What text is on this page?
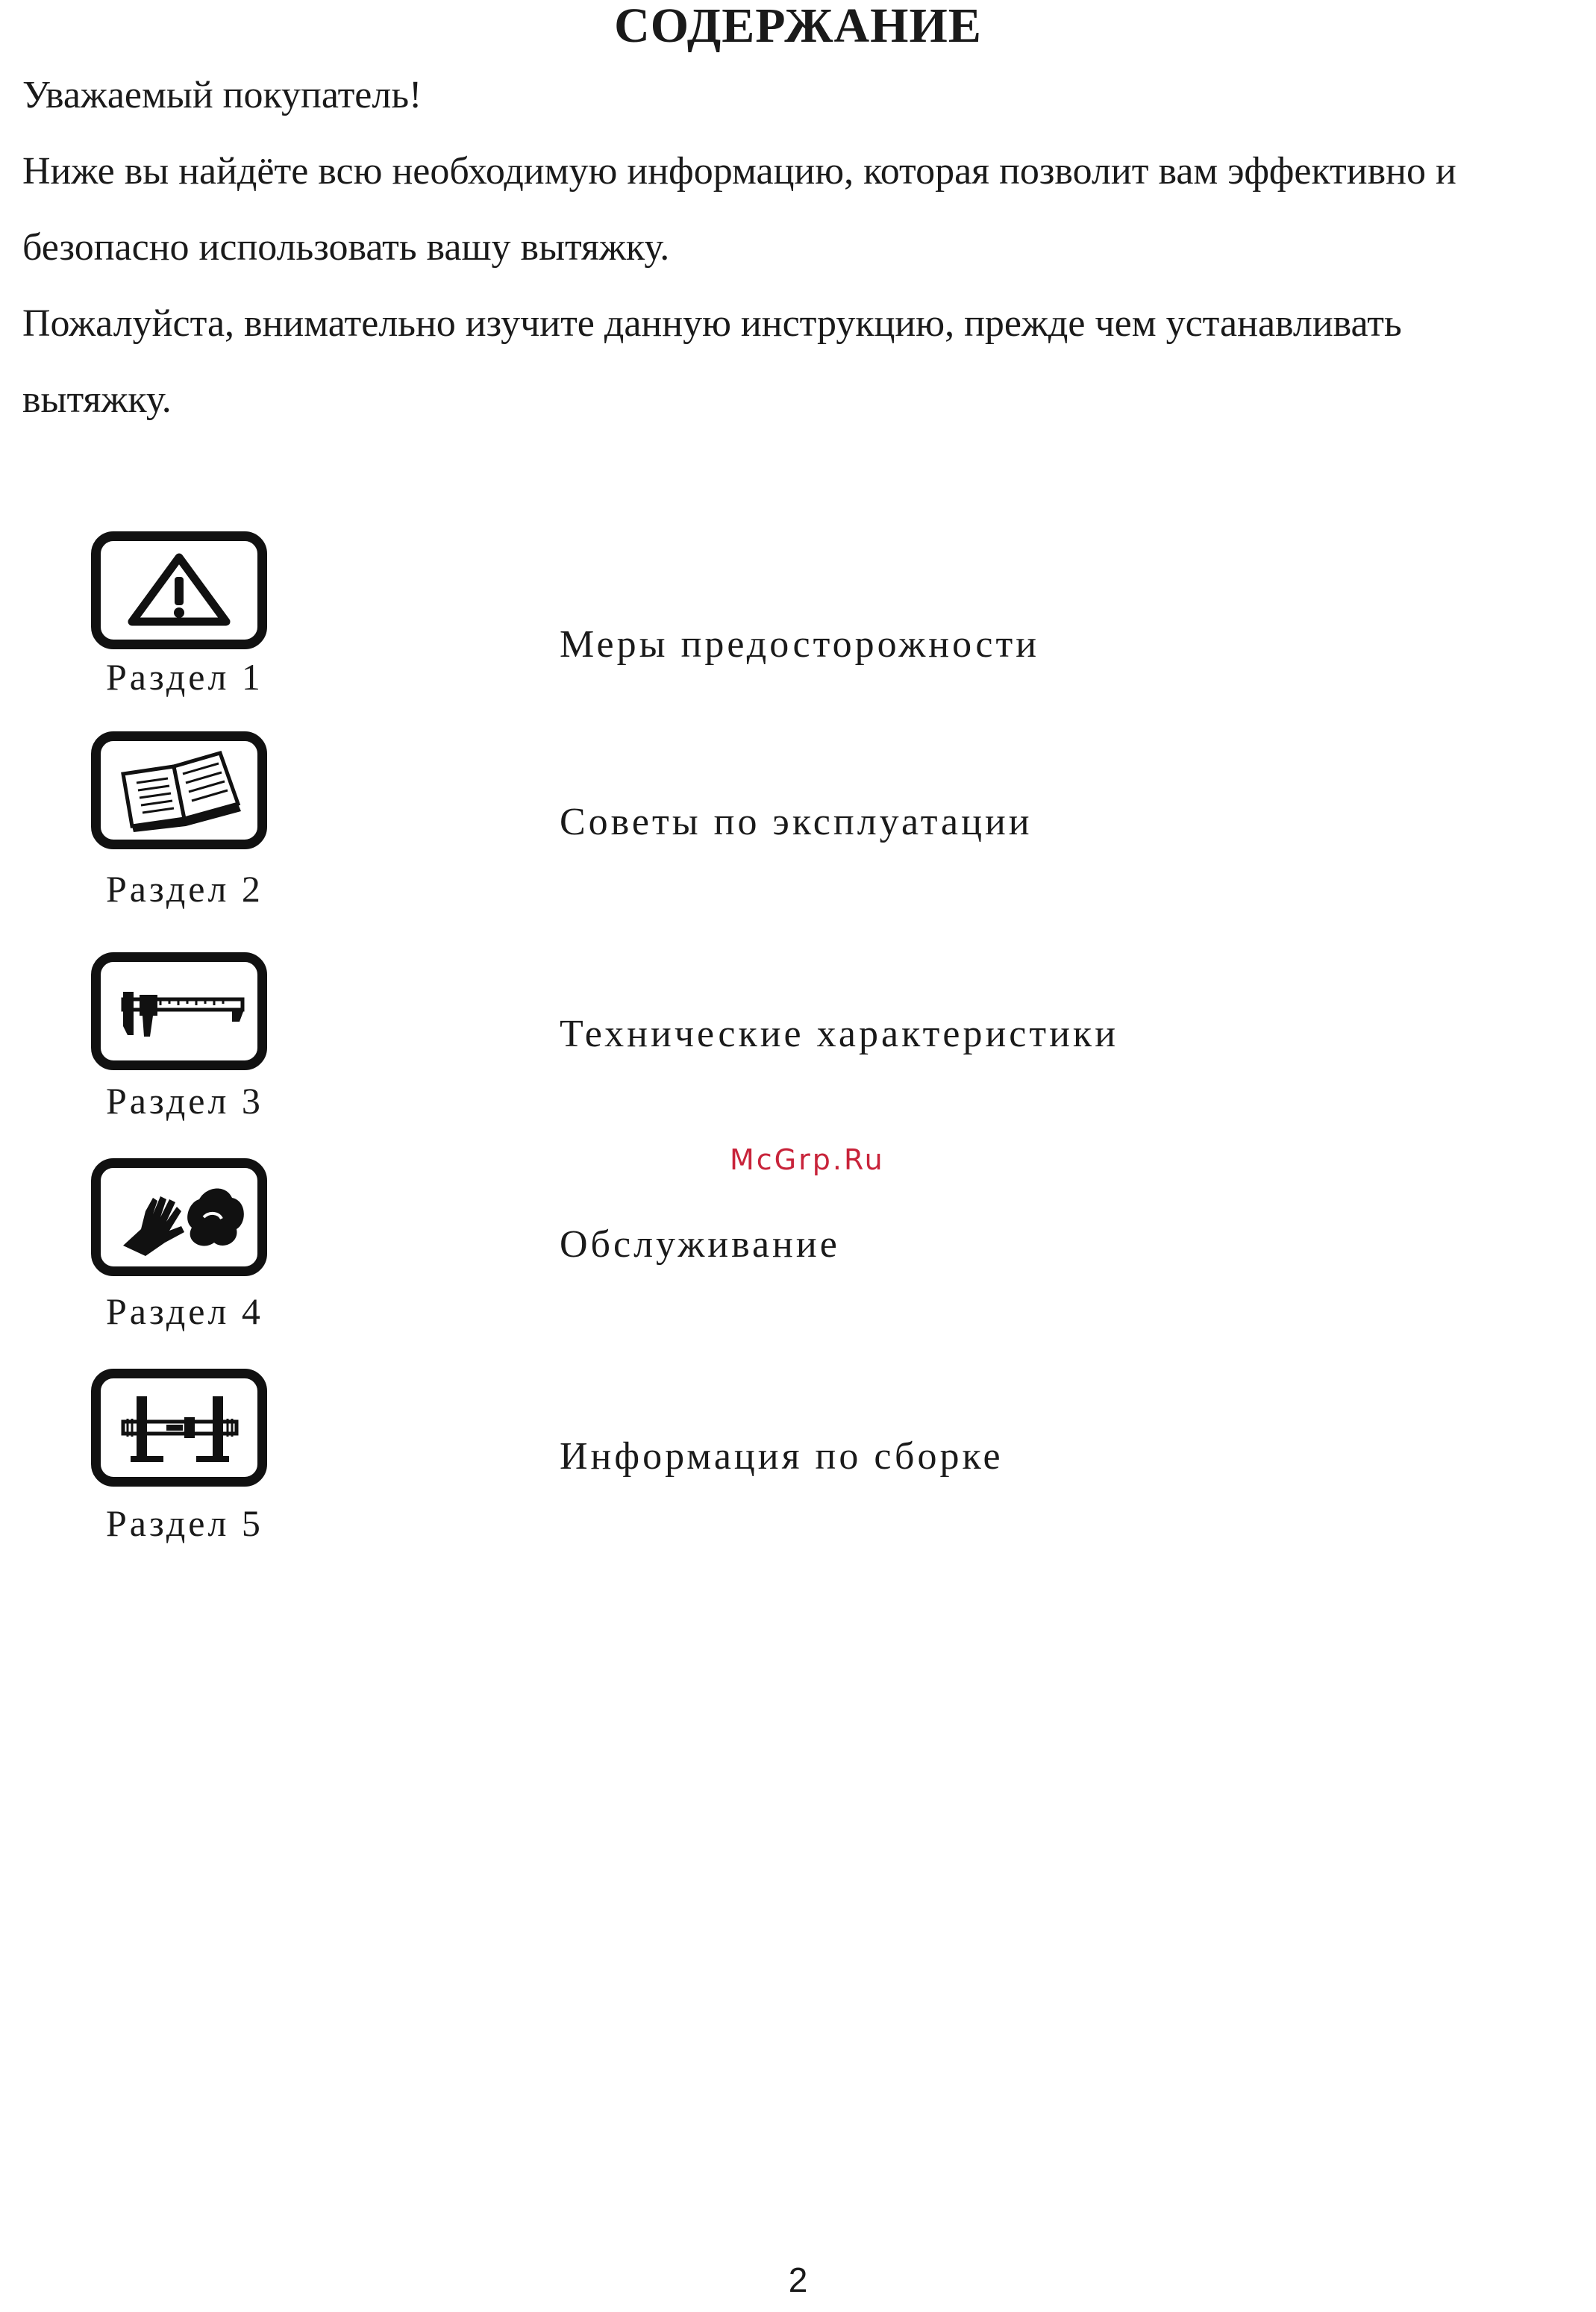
СОДЕРЖАНИЕ
Уважаемый покупатель!
Ниже вы найдёте всю необходимую информацию, которая позволит вам эффективно и
безопасно использовать вашу вытяжку.
Пожалуйста, внимательно изучите данную инструкцию, прежде чем устанавливать
вытяжку.
Раздел 1
Меры предосторожности
Раздел 2
Советы по эксплуатации
Раздел 3
Технические характеристики
McGrp.Ru
Раздел 4
Обслуживание
Раздел 5
Информация по сборке
2
